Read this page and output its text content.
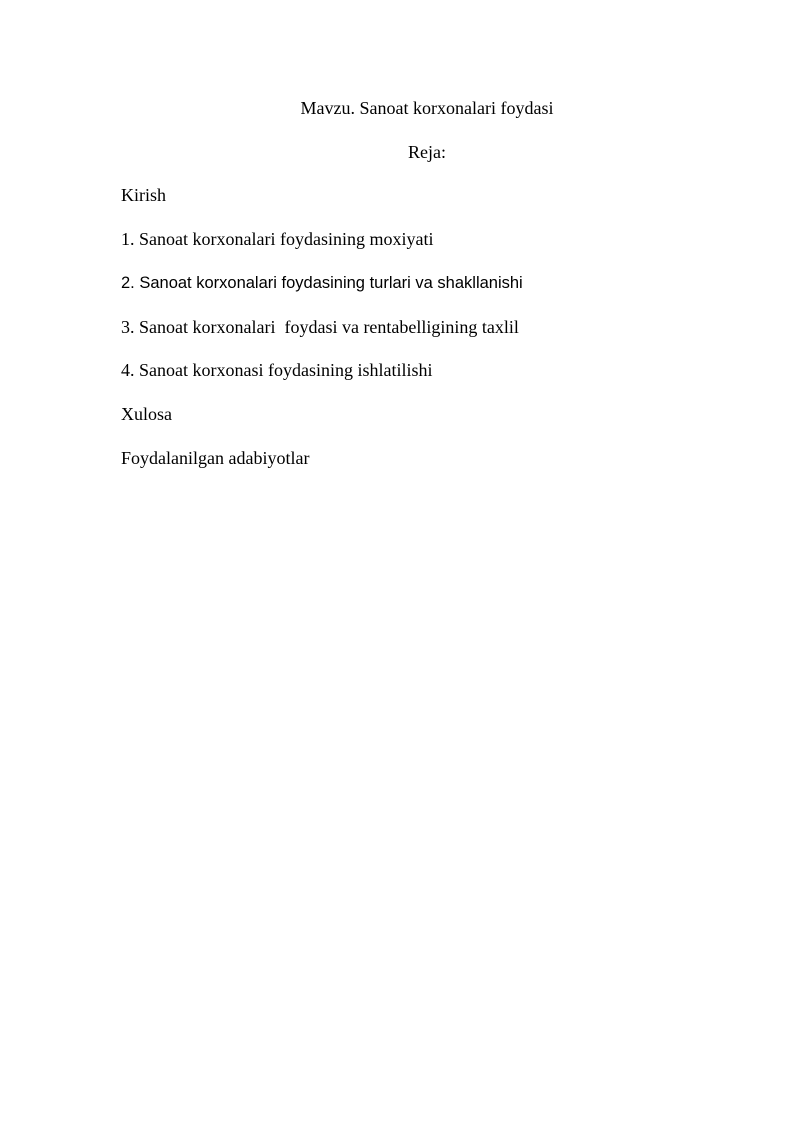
Mavzu. Sanoat korxonalari foydasi
Reja:
Kirish
1. Sanoat korxonalari foydasining moxiyati
2. Sanoat korxonalari foydasining turlari va shakllanishi
3. Sanoat korxonalari  foydasi va rentabelligining taxlil
4. Sanoat korxonasi foydasining ishlatilishi
Xulosa
Foydalanilgan adabiyotlar
